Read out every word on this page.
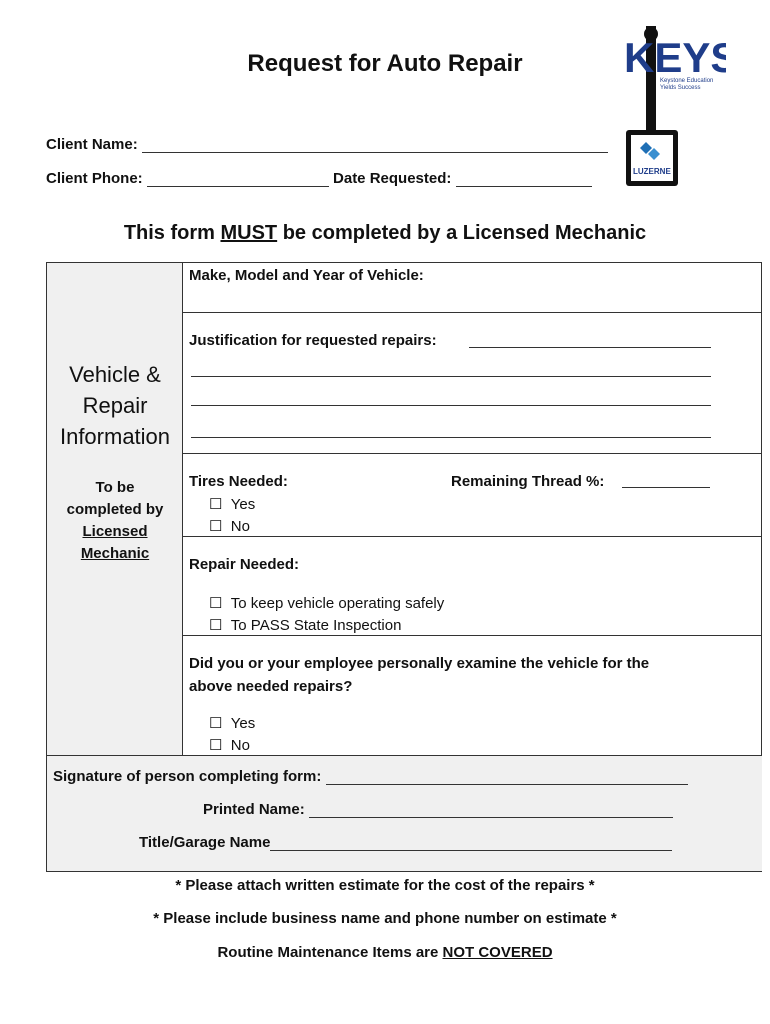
Request for Auto Repair	KEYS
Keystone Education
Yields Success
LUZERNE
Client Name:
Client Phone:	Date Requested:
This form MUST be completed by a Licensed Mechanic
Vehicle &
Repair
Information
To be
completed by
Licensed
Mechanic
Make, Model and Year of Vehicle:
Justification for requested repairs:
Tires Needed:	Remaining Thread %:
☐ Yes
☐ No
Repair Needed:
☐ To keep vehicle operating safely
☐ To PASS State Inspection
Did you or your employee personally examine the vehicle for the
above needed repairs?
☐ Yes
☐ No
Signature of person completing form:
Printed Name:
Title/Garage Name
* Please attach written estimate for the cost of the repairs *
* Please include business name and phone number on estimate *
Routine Maintenance Items are NOT COVERED
